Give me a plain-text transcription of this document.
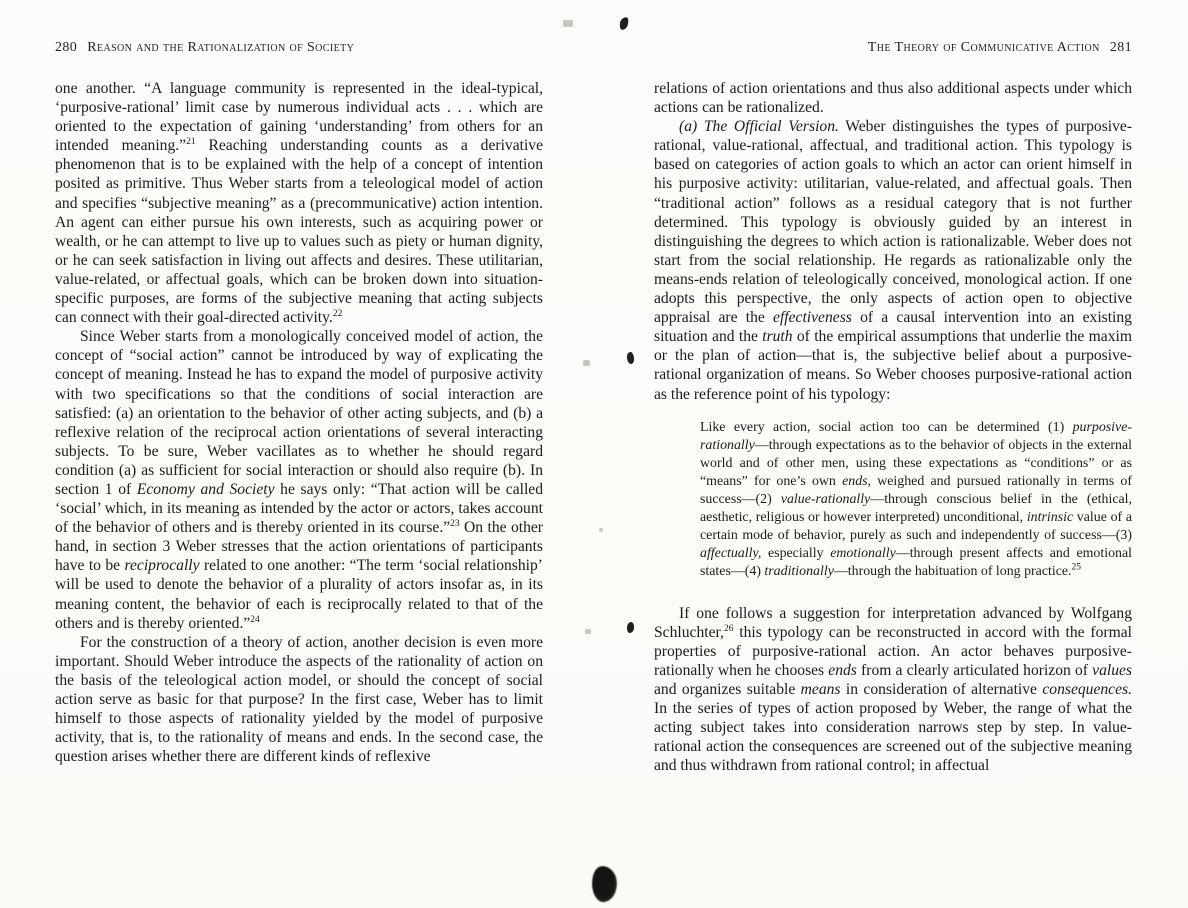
280 Reason and the Rationalization of Society

one another. “A language community is represented in the ideal-typical, ‘purposive-rational’ limit case by numerous individual acts . . . which are oriented to the expectation of gaining ‘understanding’ from others for an intended meaning.”$^{21}$ Reaching understanding counts as a derivative phenomenon that is to be explained with the help of a concept of intention posited as primitive. Thus Weber starts from a teleological model of action and specifies “subjective meaning” as a (precommunicative) action intention. An agent can either pursue his own interests, such as acquiring power or wealth, or he can attempt to live up to values such as piety or human dignity, or he can seek satisfaction in living out affects and desires. These utilitarian, value-related, or affectual goals, which can be broken down into situation-specific purposes, are forms of the subjective meaning that acting subjects can connect with their goal-directed activity.$^{22}$

Since Weber starts from a monologically conceived model of action, the concept of “social action” cannot be introduced by way of explicating the concept of meaning. Instead he has to expand the model of purposive activity with two specifications so that the conditions of social interaction are satisfied: (a) an orientation to the behavior of other acting subjects, and (b) a reflexive relation of the reciprocal action orientations of several interacting subjects. To be sure, Weber vacillates as to whether he should regard condition (a) as sufficient for social interaction or should also require (b). In section 1 of Economy and Society he says only: “That action will be called ‘social’ which, in its meaning as intended by the actor or actors, takes account of the behavior of others and is thereby oriented in its course.”$^{23}$ On the other hand, in section 3 Weber stresses that the action orientations of participants have to be reciprocally related to one another: “The term ‘social relationship’ will be used to denote the behavior of a plurality of actors insofar as, in its meaning content, the behavior of each is reciprocally related to that of the others and is thereby oriented.”$^{24}$

For the construction of a theory of action, another decision is even more important. Should Weber introduce the aspects of the rationality of action on the basis of the teleological action model, or should the concept of social action serve as basic for that purpose? In the first case, Weber has to limit himself to those aspects of rationality yielded by the model of purposive activity, that is, to the rationality of means and ends. In the second case, the question arises whether there are different kinds of reflexive

The Theory of Communicative Action 281

relations of action orientations and thus also additional aspects under which actions can be rationalized.

(a) The Official Version. Weber distinguishes the types of purposive-rational, value-rational, affectual, and traditional action. This typology is based on categories of action goals to which an actor can orient himself in his purposive activity: utilitarian, value-related, and affectual goals. Then “traditional action” follows as a residual category that is not further determined. This typology is obviously guided by an interest in distinguishing the degrees to which action is rationalizable. Weber does not start from the social relationship. He regards as rationalizable only the means-ends relation of teleologically conceived, monological action. If one adopts this perspective, the only aspects of action open to objective appraisal are the effectiveness of a causal intervention into an existing situation and the truth of the empirical assumptions that underlie the maxim or the plan of action—that is, the subjective belief about a purposive-rational organization of means. So Weber chooses purposive-rational action as the reference point of his typology:

Like every action, social action too can be determined (1) purposive-rationally—through expectations as to the behavior of objects in the external world and of other men, using these expectations as “conditions” or as “means” for one’s own ends, weighed and pursued rationally in terms of success—(2) value-rationally—through conscious belief in the (ethical, aesthetic, religious or however interpreted) unconditional, intrinsic value of a certain mode of behavior, purely as such and independently of success—(3) affectually, especially emotionally—through present affects and emotional states—(4) traditionally—through the habituation of long practice.$^{25}$

If one follows a suggestion for interpretation advanced by Wolfgang Schluchter,$^{26}$ this typology can be reconstructed in accord with the formal properties of purposive-rational action. An actor behaves purposive-rationally when he chooses ends from a clearly articulated horizon of values and organizes suitable means in consideration of alternative consequences. In the series of types of action proposed by Weber, the range of what the acting subject takes into consideration narrows step by step. In value-rational action the consequences are screened out of the subjective meaning and thus withdrawn from rational control; in affectual
